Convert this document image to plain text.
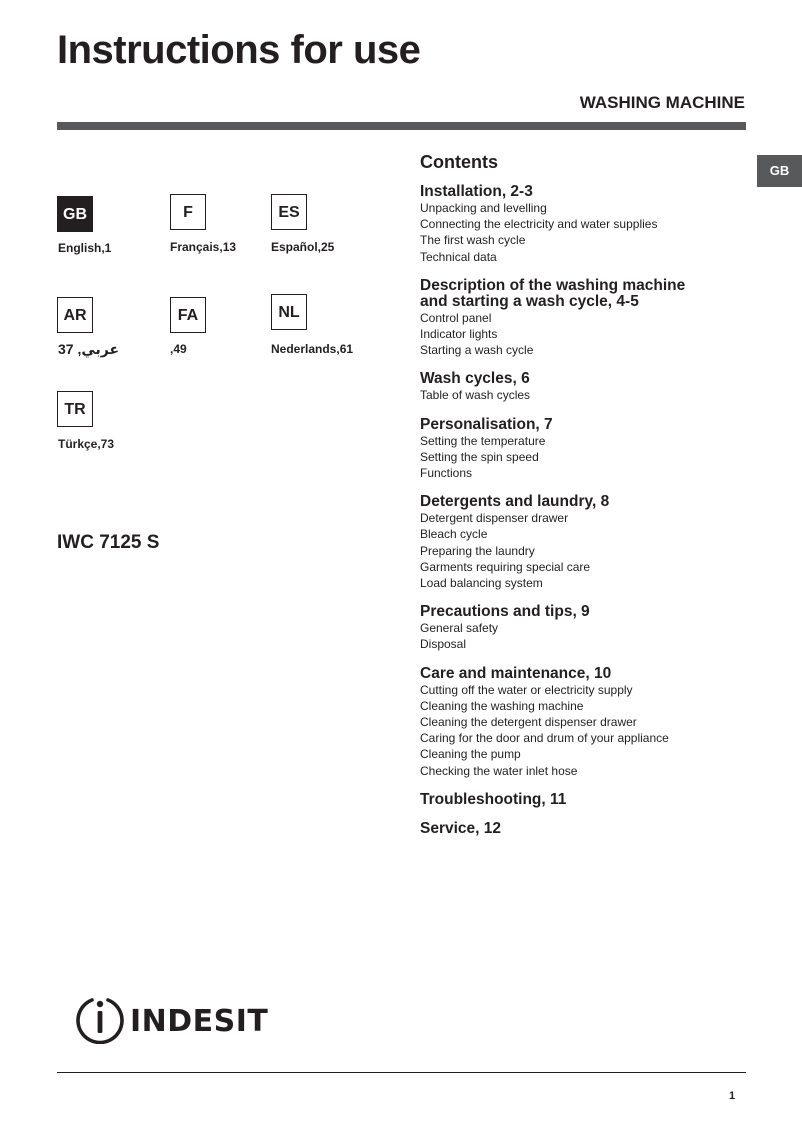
Instructions for use
WASHING MACHINE
GB
GB
English,1
F
Français,13
ES
Español,25
AR
عربي, 37
FA
,49
NL
Nederlands,61
TR
Türkçe,73
IWC 7125 S
Contents
Installation, 2-3
Unpacking and levelling
Connecting the electricity and water supplies
The first wash cycle
Technical data
Description of the washing machine
and starting a wash cycle, 4-5
Control panel
Indicator lights
Starting a wash cycle
Wash cycles, 6
Table of wash cycles
Personalisation, 7
Setting the temperature
Setting the spin speed
Functions
Detergents and laundry, 8
Detergent dispenser drawer
Bleach cycle
Preparing the laundry
Garments requiring special care
Load balancing system
Precautions and tips, 9
General safety
Disposal
Care and maintenance, 10
Cutting off the water or electricity supply
Cleaning the washing machine
Cleaning the detergent dispenser drawer
Caring for the door and drum of your appliance
Cleaning the pump
Checking the water inlet hose
Troubleshooting, 11
Service, 12
INDESIT
1
